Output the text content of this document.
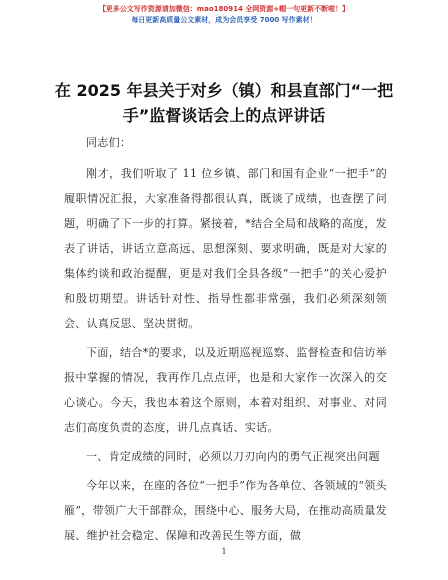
【更多公文写作资源请加微信：mao180914 全网资源+帽一句更新不断啦！】
每日更新高质量公文素材，成为会员享受 7000 写作素材！
在 2025 年县关于对乡（镇）和县直部门“一把手”监督谈话会上的点评讲话

同志们：

刚才，我们听取了 11 位乡镇、部门和国有企业“一把手”的履职情况汇报，大家准备得都很认真，既谈了成绩，也查摆了问题，明确了下一步的打算。紧接着，*结合全局和战略的高度，发表了讲话，讲话立意高远、思想深刻、要求明确，既是对大家的集体约谈和政治提醒，更是对我们全县各级“一把手”的关心爱护和殷切期望。讲话针对性、指导性都非常强，我们必须深刻领会、认真反思、坚决贯彻。

下面，结合*的要求，以及近期巡视巡察、监督检查和信访举报中掌握的情况，我再作几点点评，也是和大家作一次深入的交心谈心。今天，我也本着这个原则，本着对组织、对事业、对同志们高度负责的态度，讲几点真话、实话。

一、肯定成绩的同时，必须以刀刃向内的勇气正视突出问题

今年以来，在座的各位“一把手”作为各单位、各领域的“领头雁”，带领广大干部群众，围绕中心、服务大局，在推动高质量发展、维护社会稳定、保障和改善民生等方面，做

1
